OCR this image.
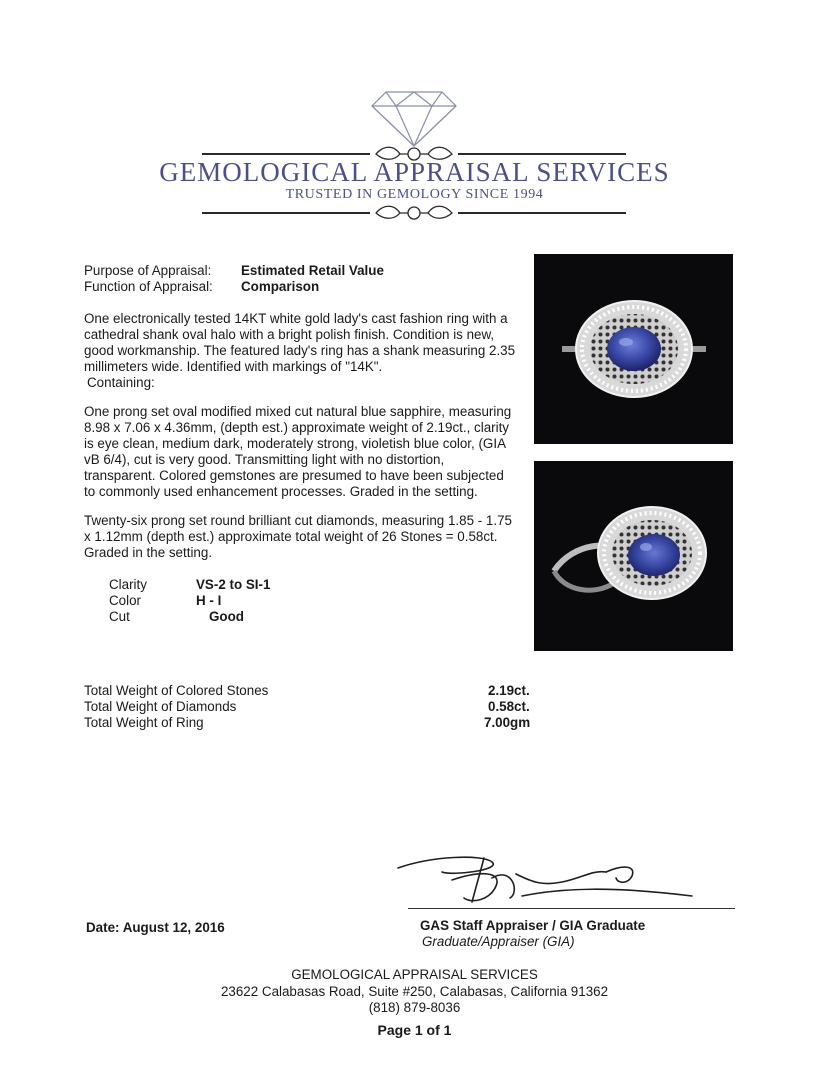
GEMOLOGICAL APPRAISAL SERVICES
TRUSTED IN GEMOLOGY SINCE 1994
Purpose of Appraisal: Estimated Retail Value
Function of Appraisal: Comparison
One electronically tested 14KT white gold lady's cast fashion ring with a cathedral shank oval halo with a bright polish finish. Condition is new, good workmanship. The featured lady's ring has a shank measuring 2.35 millimeters wide. Identified with markings of "14K".
Containing:
One prong set oval modified mixed cut natural blue sapphire, measuring 8.98 x 7.06 x 4.36mm, (depth est.) approximate weight of 2.19ct., clarity is eye clean, medium dark, moderately strong, violetish blue color, (GIA vB 6/4), cut is very good. Transmitting light with no distortion, transparent. Colored gemstones are presumed to have been subjected to commonly used enhancement processes. Graded in the setting.
Twenty-six prong set round brilliant cut diamonds, measuring 1.85 - 1.75 x 1.12mm (depth est.) approximate total weight of 26 Stones = 0.58ct. Graded in the setting.
Clarity	VS-2 to SI-1
Color	H - I
Cut	Good
Total Weight of Colored Stones	2.19ct.
Total Weight of Diamonds	0.58ct.
Total Weight of Ring	7.00gm
Date: August 12, 2016	GAS Staff Appraiser / GIA Graduate
Graduate/Appraiser (GIA)
GEMOLOGICAL APPRAISAL SERVICES
23622 Calabasas Road, Suite #250, Calabasas, California 91362
(818) 879-8036
Page 1 of 1
